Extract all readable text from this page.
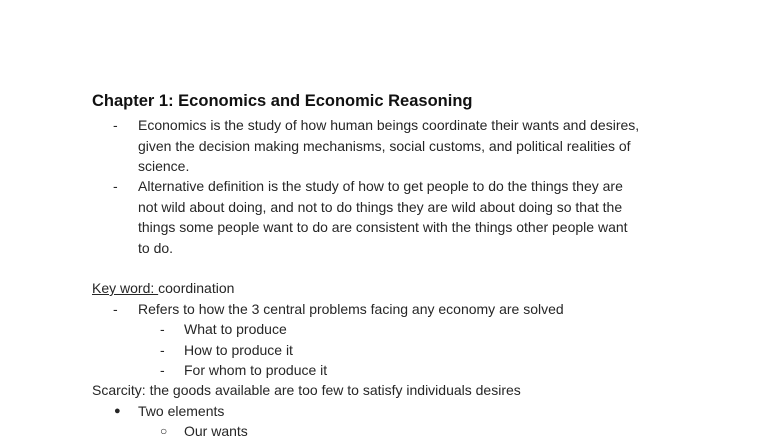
Chapter 1: Economics and Economic Reasoning
- Economics is the study of how human beings coordinate their wants and desires,
given the decision making mechanisms, social customs, and political realities of
science.
- Alternative definition is the study of how to get people to do the things they are
not wild about doing, and not to do things they are wild about doing so that the
things some people want to do are consistent with the things other people want
to do.
Key word: coordination
- Refers to how the 3 central problems facing any economy are solved
- What to produce
- How to produce it
- For whom to produce it
Scarcity: the goods available are too few to satisfy individuals desires
● Two elements
○ Our wants
